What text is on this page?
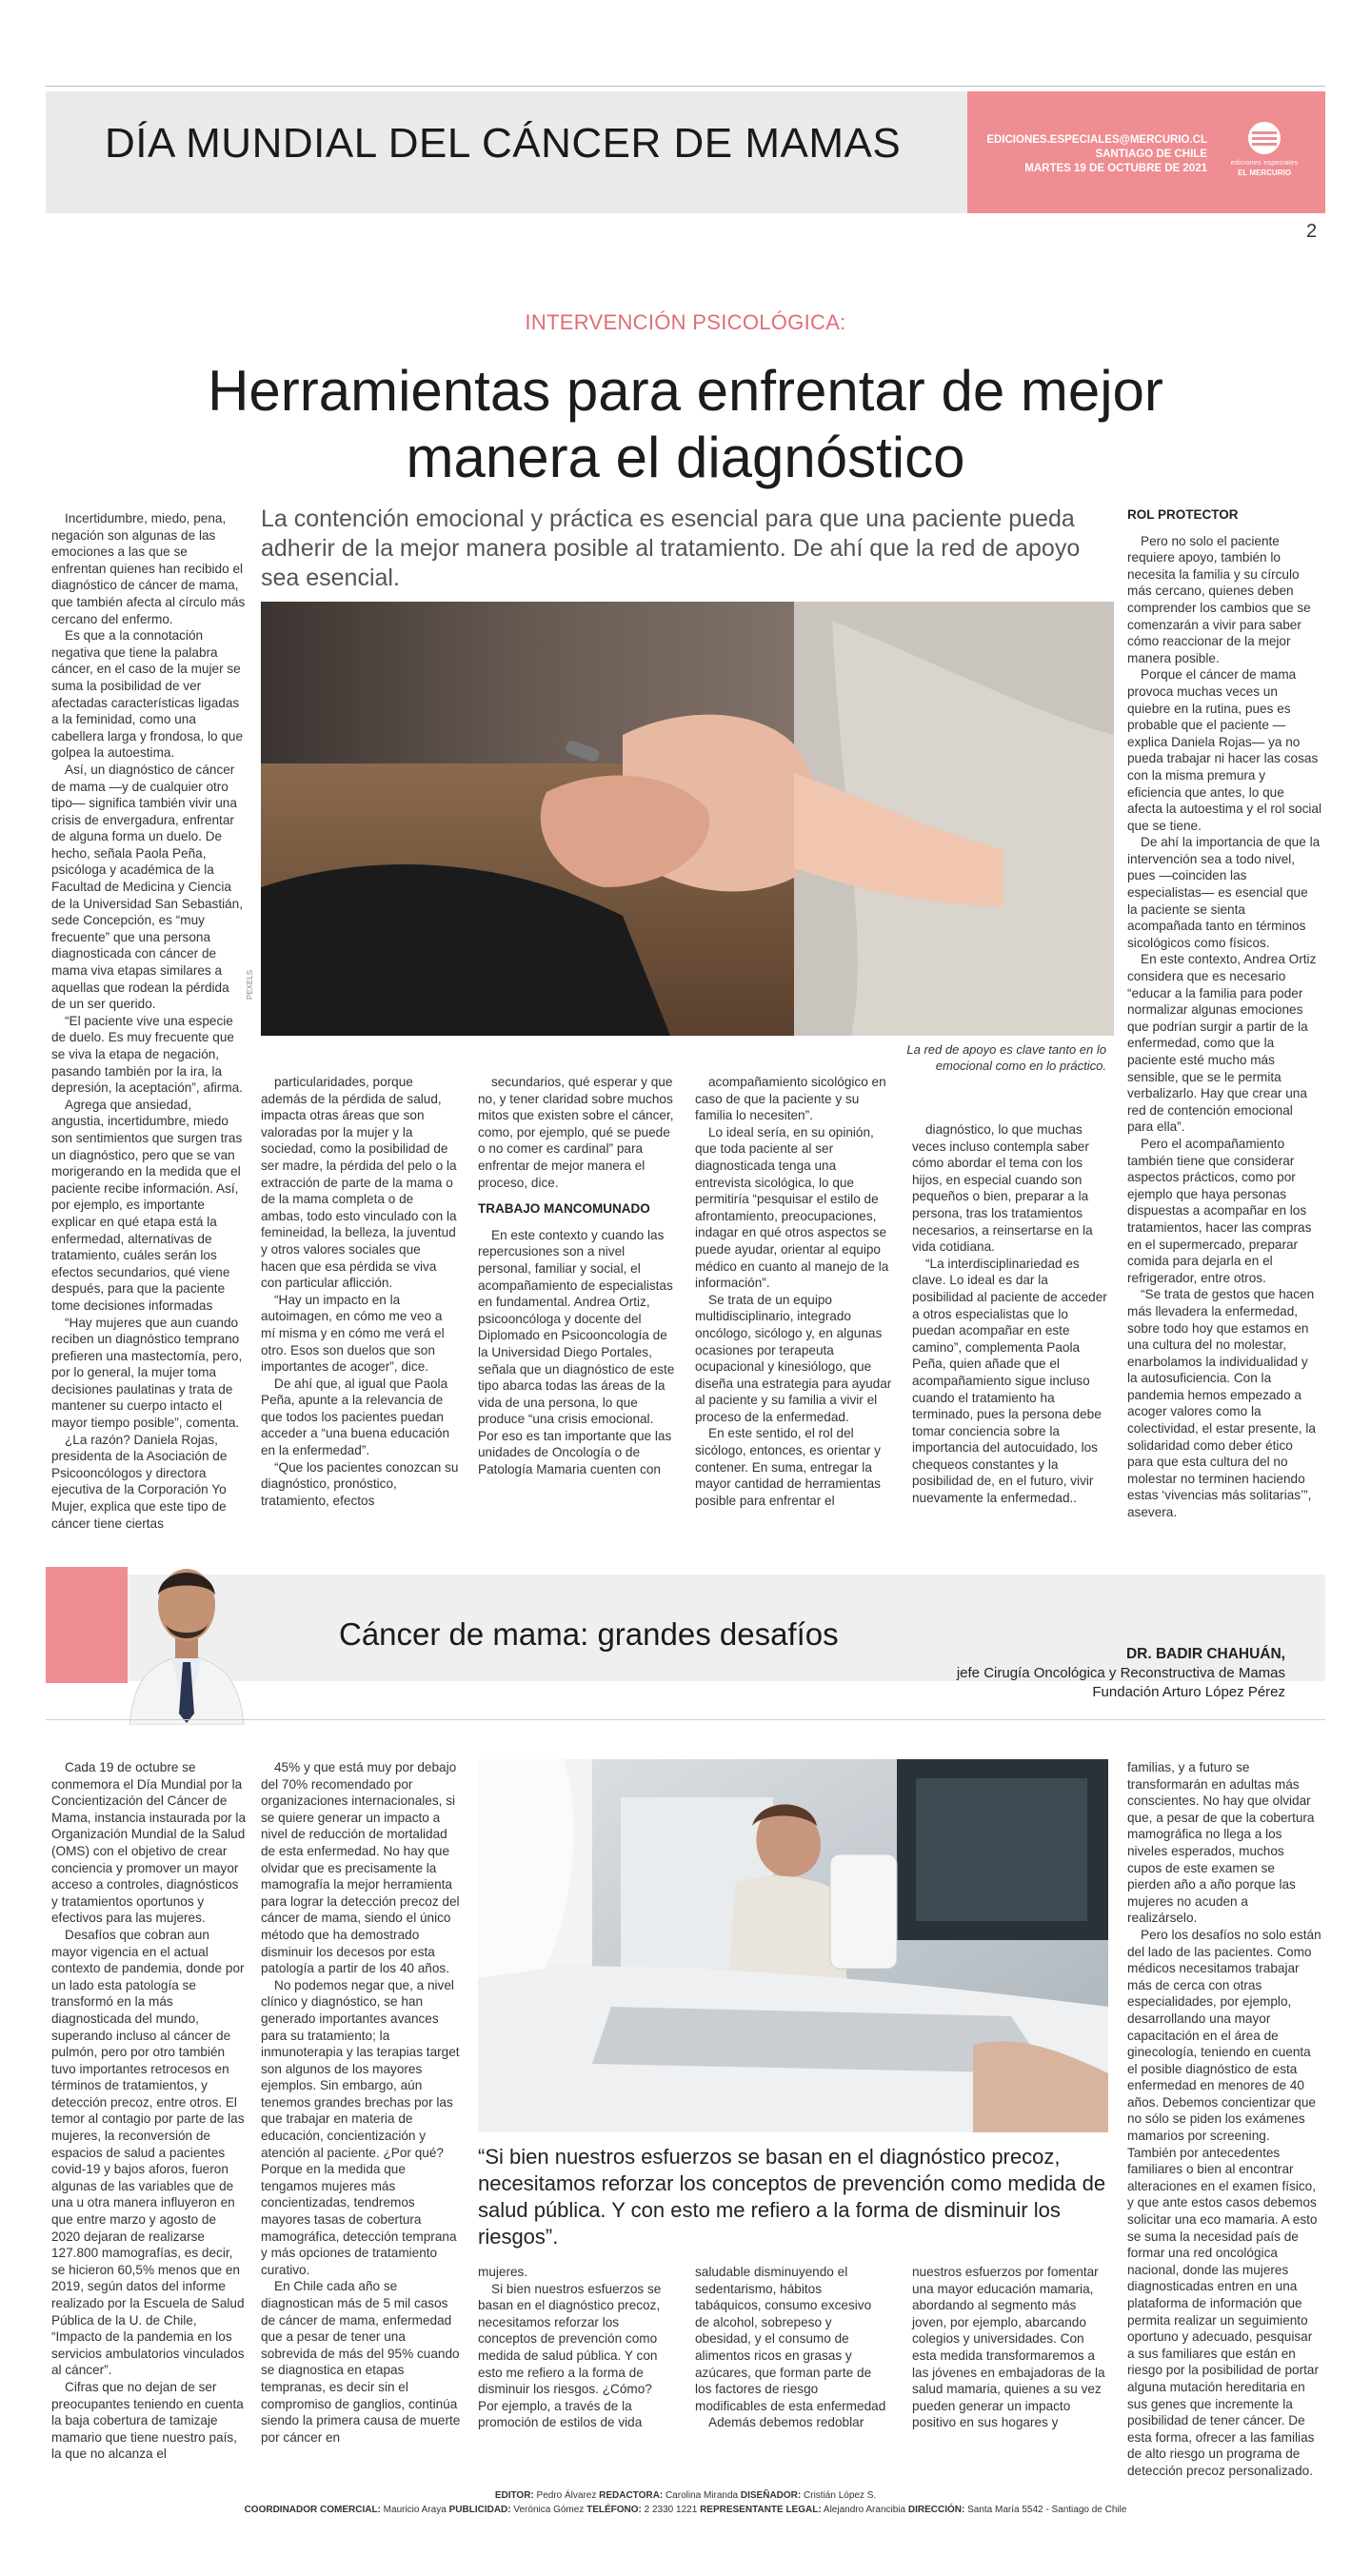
DÍA MUNDIAL DEL CÁNCER DE MAMAS	EDICIONES.ESPECIALES@MERCURIO.CL
SANTIAGO DE CHILE
MARTES 19 DE OCTUBRE DE 2021	ediciones especiales
EL MERCURIO
2
INTERVENCIÓN PSICOLÓGICA:
Herramientas para enfrentar de mejor manera el diagnóstico
La contención emocional y práctica es esencial para que una paciente pueda adherir de la mejor manera posible al tratamiento. De ahí que la red de apoyo sea esencial.
PEXELS
La red de apoyo es clave tanto en lo emocional como en lo práctico.

Incertidumbre, miedo, pena, negación son algunas de las emociones a las que se enfrentan quienes han recibido el diagnóstico de cáncer de mama, que también afecta al círculo más cercano del enfermo.

Es que a la connotación negativa que tiene la palabra cáncer, en el caso de la mujer se suma la posibilidad de ver afectadas características ligadas a la feminidad, como una cabellera larga y frondosa, lo que golpea la autoestima.

Así, un diagnóstico de cáncer de mama —y de cualquier otro tipo— significa también vivir una crisis de envergadura, enfrentar de alguna forma un duelo. De hecho, señala Paola Peña, psicóloga y académica de la Facultad de Medicina y Ciencia de la Universidad San Sebastián, sede Concepción, es “muy frecuente” que una persona diagnosticada con cáncer de mama viva etapas similares a aquellas que rodean la pérdida de un ser querido.

“El paciente vive una especie de duelo. Es muy frecuente que se viva la etapa de negación, pasando también por la ira, la depresión, la aceptación”, afirma.

Agrega que ansiedad, angustia, incertidumbre, miedo son sentimientos que surgen tras un diagnóstico, pero que se van morigerando en la medida que el paciente recibe información. Así, por ejemplo, es importante explicar en qué etapa está la enfermedad, alternativas de tratamiento, cuáles serán los efectos secundarios, qué viene después, para que la paciente tome decisiones informadas

“Hay mujeres que aun cuando reciben un diagnóstico temprano prefieren una mastectomía, pero, por lo general, la mujer toma decisiones paulatinas y trata de mantener su cuerpo intacto el mayor tiempo posible”, comenta.

¿La razón? Daniela Rojas, presidenta de la Asociación de Psicooncólogos y directora ejecutiva de la Corporación Yo Mujer, explica que este tipo de cáncer tiene ciertas

particularidades, porque además de la pérdida de salud, impacta otras áreas que son valoradas por la mujer y la sociedad, como la posibilidad de ser madre, la pérdida del pelo o la extracción de parte de la mama o de la mama completa o de ambas, todo esto vinculado con la femineidad, la belleza, la juventud y otros valores sociales que hacen que esa pérdida se viva con particular aflicción.

“Hay un impacto en la autoimagen, en cómo me veo a mí misma y en cómo me verá el otro. Esos son duelos que son importantes de acoger”, dice.

De ahí que, al igual que Paola Peña, apunte a la relevancia de que todos los pacientes puedan acceder a “una buena educación en la enfermedad”.

“Que los pacientes conozcan su diagnóstico, pronóstico, tratamiento, efectos

secundarios, qué esperar y que no, y tener claridad sobre muchos mitos que existen sobre el cáncer, como, por ejemplo, qué se puede o no comer es cardinal” para enfrentar de mejor manera el proceso, dice.

TRABAJO MANCOMUNADO

En este contexto y cuando las repercusiones son a nivel personal, familiar y social, el acompañamiento de especialistas en fundamental. Andrea Ortiz, psicooncóloga y docente del Diplomado en Psicooncología de la Universidad Diego Portales, señala que un diagnóstico de este tipo abarca todas las áreas de la vida de una persona, lo que produce “una crisis emocional. Por eso es tan importante que las unidades de Oncología o de Patología Mamaria cuenten con

acompañamiento sicológico en caso de que la paciente y su familia lo necesiten”.

Lo ideal sería, en su opinión, que toda paciente al ser diagnosticada tenga una entrevista sicológica, lo que permitiría “pesquisar el estilo de afrontamiento, preocupaciones, indagar en qué otros aspectos se puede ayudar, orientar al equipo médico en cuanto al manejo de la información”.

Se trata de un equipo multidisciplinario, integrado oncólogo, sicólogo y, en algunas ocasiones por terapeuta ocupacional y kinesiólogo, que diseña una estrategia para ayudar al paciente y su familia a vivir el proceso de la enfermedad.

En este sentido, el rol del sicólogo, entonces, es orientar y contener. En suma, entregar la mayor cantidad de herramientas posible para enfrentar el

diagnóstico, lo que muchas veces incluso contempla saber cómo abordar el tema con los hijos, en especial cuando son pequeños o bien, preparar a la persona, tras los tratamientos necesarios, a reinsertarse en la vida cotidiana.

“La interdisciplinariedad es clave. Lo ideal es dar la posibilidad al paciente de acceder a otros especialistas que lo puedan acompañar en este camino”, complementa Paola Peña, quien añade que el acompañamiento sigue incluso cuando el tratamiento ha terminado, pues la persona debe tomar conciencia sobre la importancia del autocuidado, los chequeos constantes y la posibilidad de, en el futuro, vivir nuevamente la enfermedad..

ROL PROTECTOR

Pero no solo el paciente requiere apoyo, también lo necesita la familia y su círculo más cercano, quienes deben comprender los cambios que se comenzarán a vivir para saber cómo reaccionar de la mejor manera posible.

Porque el cáncer de mama provoca muchas veces un quiebre en la rutina, pues es probable que el paciente —explica Daniela Rojas— ya no pueda trabajar ni hacer las cosas con la misma premura y eficiencia que antes, lo que afecta la autoestima y el rol social que se tiene.

De ahí la importancia de que la intervención sea a todo nivel, pues —coinciden las especialistas— es esencial que la paciente se sienta acompañada tanto en términos sicológicos como físicos.

En este contexto, Andrea Ortiz considera que es necesario “educar a la familia para poder normalizar algunas emociones que podrían surgir a partir de la enfermedad, como que la paciente esté mucho más sensible, que se le permita verbalizarlo. Hay que crear una red de contención emocional para ella”.

Pero el acompañamiento también tiene que considerar aspectos prácticos, como por ejemplo que haya personas dispuestas a acompañar en los tratamientos, hacer las compras en el supermercado, preparar comida para dejarla en el refrigerador, entre otros.

“Se trata de gestos que hacen más llevadera la enfermedad, sobre todo hoy que estamos en una cultura del no molestar, enarbolamos la individualidad y la autosuficiencia. Con la pandemia hemos empezado a acoger valores como la colectividad, el estar presente, la solidaridad como deber ético para que esta cultura del no molestar no terminen haciendo estas ‘vivencias más solitarias’”, asevera.

Cáncer de mama: grandes desafíos
DR. BADIR CHAHUÁN,
jefe Cirugía Oncológica y Reconstructiva de Mamas
Fundación Arturo López Pérez
“Si bien nuestros esfuerzos se basan en el diagnóstico precoz, necesitamos reforzar los conceptos de prevención como medida de salud pública. Y con esto me refiero a la forma de disminuir los riesgos”.

Cada 19 de octubre se conmemora el Día Mundial por la Concientización del Cáncer de Mama, instancia instaurada por la Organización Mundial de la Salud (OMS) con el objetivo de crear conciencia y promover un mayor acceso a controles, diagnósticos y tratamientos oportunos y efectivos para las mujeres.

Desafíos que cobran aun mayor vigencia en el actual contexto de pandemia, donde por un lado esta patología se transformó en la más diagnosticada del mundo, superando incluso al cáncer de pulmón, pero por otro también tuvo importantes retrocesos en términos de tratamientos, y detección precoz, entre otros. El temor al contagio por parte de las mujeres, la reconversión de espacios de salud a pacientes covid-19 y bajos aforos, fueron algunas de las variables que de una u otra manera influyeron en que entre marzo y agosto de 2020 dejaran de realizarse 127.800 mamografías, es decir, se hicieron 60,5% menos que en 2019, según datos del informe realizado por la Escuela de Salud Pública de la U. de Chile, “Impacto de la pandemia en los servicios ambulatorios vinculados al cáncer”.

Cifras que no dejan de ser preocupantes teniendo en cuenta la baja cobertura de tamizaje mamario que tiene nuestro país, la que no alcanza el

45% y que está muy por debajo del 70% recomendado por organizaciones internacionales, si se quiere generar un impacto a nivel de reducción de mortalidad de esta enfermedad. No hay que olvidar que es precisamente la mamografía la mejor herramienta para lograr la detección precoz del cáncer de mama, siendo el único método que ha demostrado disminuir los decesos por esta patología a partir de los 40 años.

No podemos negar que, a nivel clínico y diagnóstico, se han generado importantes avances para su tratamiento; la inmunoterapia y las terapias target son algunos de los mayores ejemplos. Sin embargo, aún tenemos grandes brechas por las que trabajar en materia de educación, concientización y atención al paciente. ¿Por qué? Porque en la medida que tengamos mujeres más concientizadas, tendremos mayores tasas de cobertura mamográfica, detección temprana y más opciones de tratamiento curativo.

En Chile cada año se diagnostican más de 5 mil casos de cáncer de mama, enfermedad que a pesar de tener una sobrevida de más del 95% cuando se diagnostica en etapas tempranas, es decir sin el compromiso de ganglios, continúa siendo la primera causa de muerte por cáncer en

mujeres.

Si bien nuestros esfuerzos se basan en el diagnóstico precoz, necesitamos reforzar los conceptos de prevención como medida de salud pública. Y con esto me refiero a la forma de disminuir los riesgos. ¿Cómo? Por ejemplo, a través de la promoción de estilos de vida

saludable disminuyendo el sedentarismo, hábitos tabáquicos, consumo excesivo de alcohol, sobrepeso y obesidad, y el consumo de alimentos ricos en grasas y azúcares, que forman parte de los factores de riesgo modificables de esta enfermedad

Además debemos redoblar

nuestros esfuerzos por fomentar una mayor educación mamaria, abordando al segmento más joven, por ejemplo, abarcando colegios y universidades. Con esta medida transformaremos a las jóvenes en embajadoras de la salud mamaria, quienes a su vez pueden generar un impacto positivo en sus hogares y

familias, y a futuro se transformarán en adultas más conscientes. No hay que olvidar que, a pesar de que la cobertura mamográfica no llega a los niveles esperados, muchos cupos de este examen se pierden año a año porque las mujeres no acuden a realizárselo.

Pero los desafíos no solo están del lado de las pacientes. Como médicos necesitamos trabajar más de cerca con otras especialidades, por ejemplo, desarrollando una mayor capacitación en el área de ginecología, teniendo en cuenta el posible diagnóstico de esta enfermedad en menores de 40 años. Debemos concientizar que no sólo se piden los exámenes mamarios por screening. También por antecedentes familiares o bien al encontrar alteraciones en el examen físico, y que ante estos casos debemos solicitar una eco mamaria. A esto se suma la necesidad país de formar una red oncológica nacional, donde las mujeres diagnosticadas entren en una plataforma de información que permita realizar un seguimiento oportuno y adecuado, pesquisar a sus familiares que están en riesgo por la posibilidad de portar alguna mutación hereditaria en sus genes que incremente la posibilidad de tener cáncer. De esta forma, ofrecer a las familias de alto riesgo un programa de detección precoz personalizado.

EDITOR: Pedro Álvarez REDACTORA: Carolina Miranda DISEÑADOR: Cristián López S.
COORDINADOR COMERCIAL: Mauricio Araya PUBLICIDAD: Verónica Gómez TELÉFONO: 2 2330 1221 REPRESENTANTE LEGAL: Alejandro Arancibia DIRECCIÓN: Santa María 5542 - Santiago de Chile
